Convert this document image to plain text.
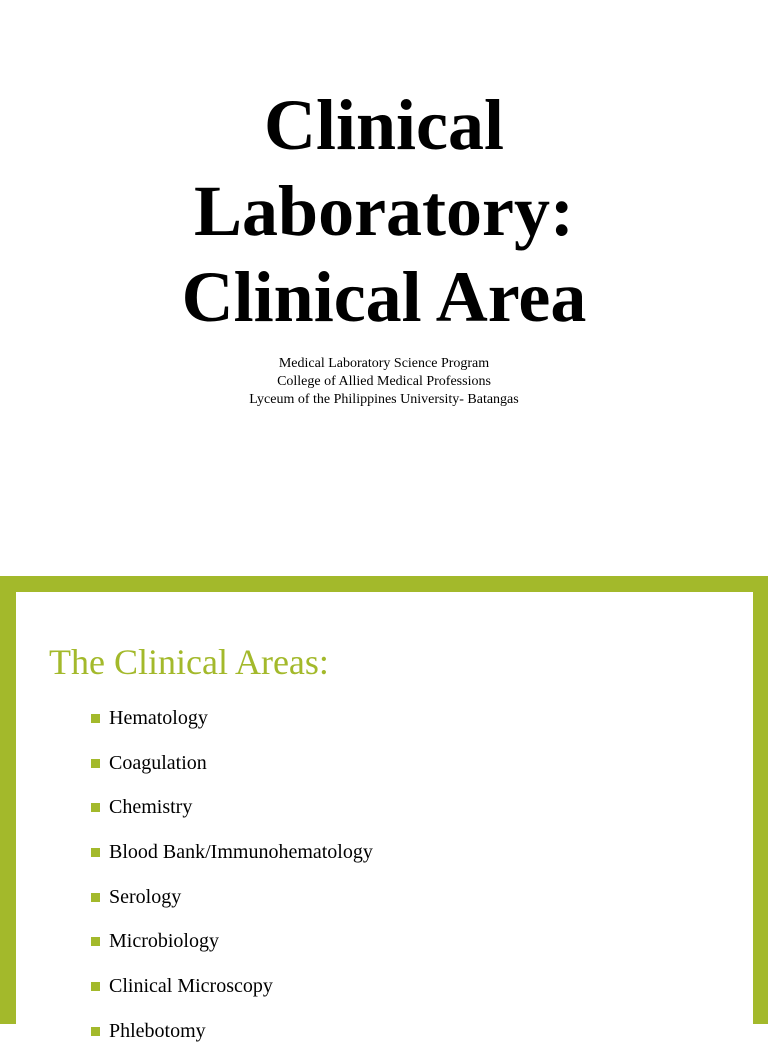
Clinical
Laboratory:
Clinical Area
Medical Laboratory Science Program
College of Allied Medical Professions
Lyceum of the Philippines University- Batangas
The Clinical Areas:
Hematology
Coagulation
Chemistry
Blood Bank/Immunohematology
Serology
Microbiology
Clinical Microscopy
Phlebotomy
